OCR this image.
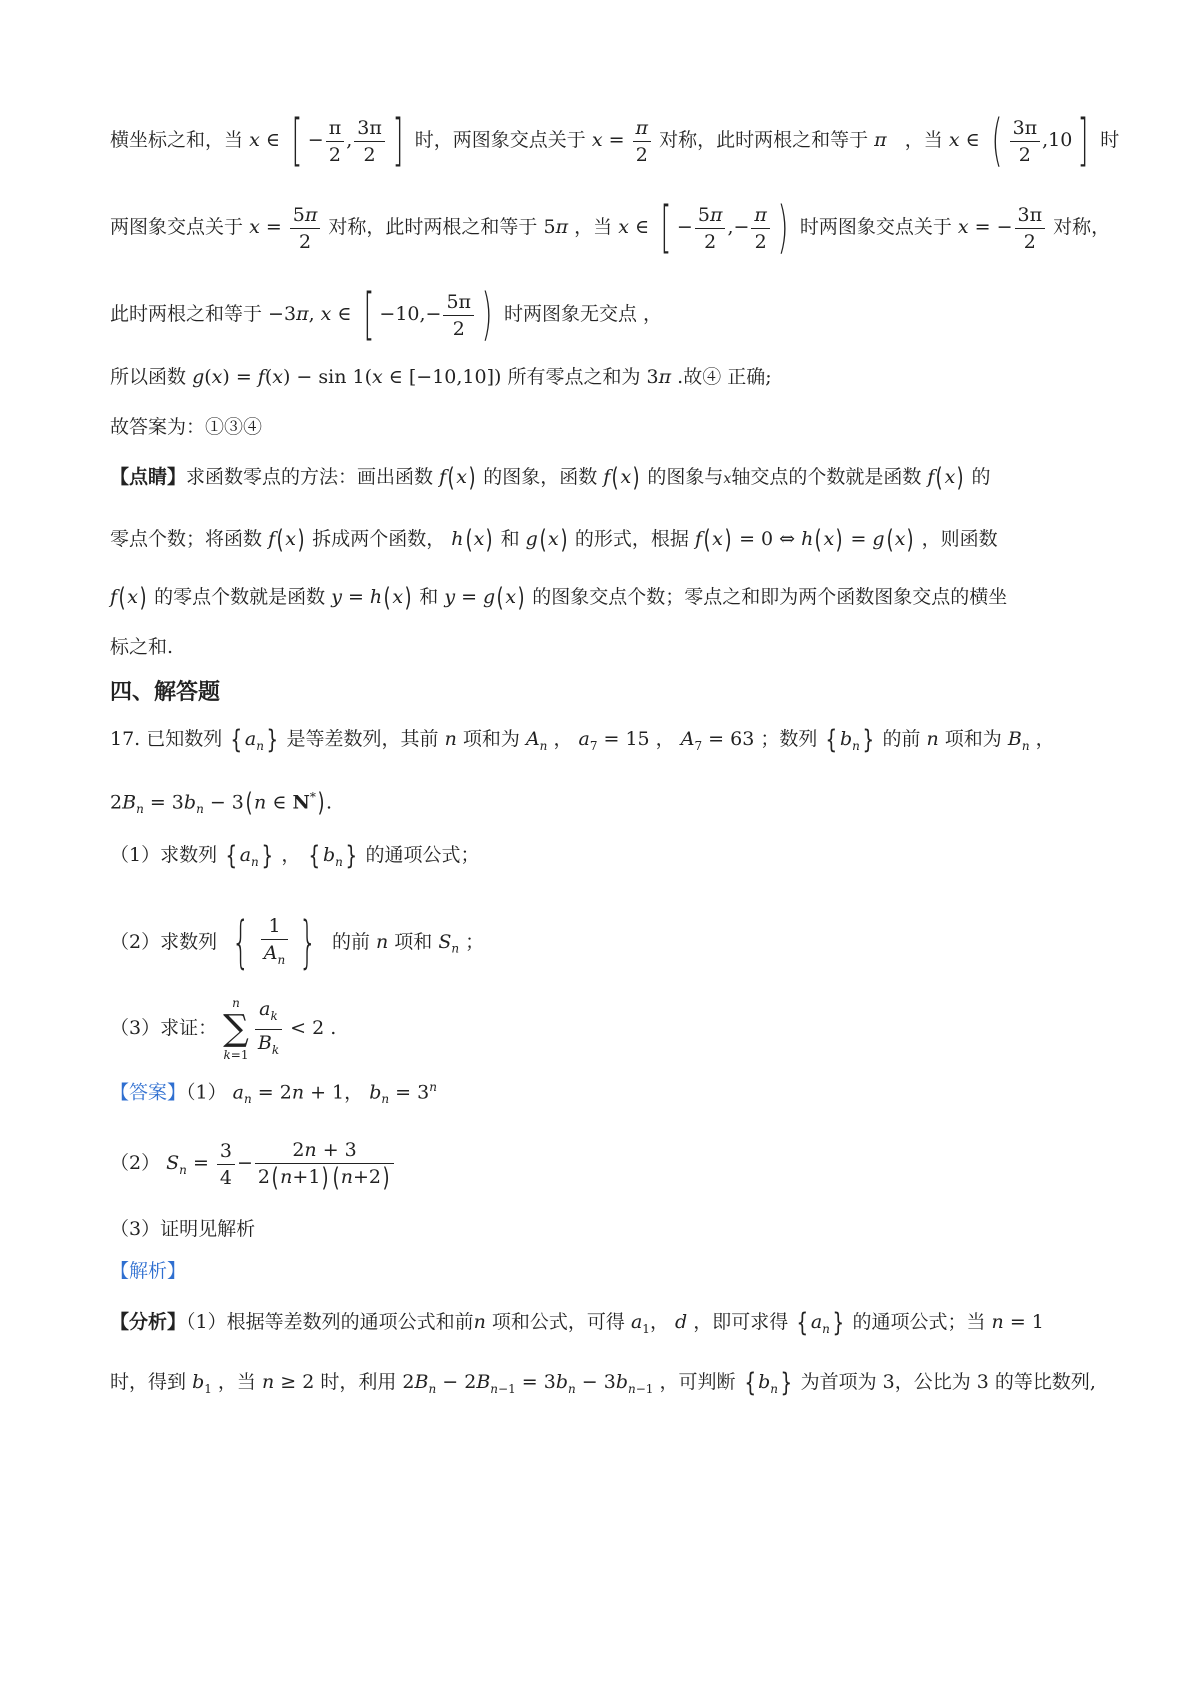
横坐标之和，当 x ∈ [ − $\frac{\pi}{2}$ , $\frac{3\pi}{2}$ ] 时，两图象交点关于 $x = \frac{\pi}{2}$ 对称，此时两根之和等于 π ，当 x ∈ ( $\frac{3\pi}{2} ,10$] 时
两图象交点关于 $x = \frac{5\pi}{2}$ 对称，此时两根之和等于 5π ，当 x ∈ [ − $\frac{5\pi}{2}$ ,− $\frac{\pi}{2}$ ) 时两图象交点关于 x = − $\frac{3\pi}{2}$ 对称，
此时两根之和等于 −3π, x ∈ [ $-10,- \frac{5\pi}{2}$ ) 时两图象无交点 ，
所以函数 g(x) = f(x) − sin 1(x ∈ [−10,10]) 所有零点之和为 3π .故④ 正确;
故答案为：①③④
【点睛】求函数零点的方法：画出函数 f(x) 的图象，函数 f(x) 的图象与x轴交点的个数就是函数 f(x) 的
零点个数；将函数 f(x) 拆成两个函数， h(x) 和 g(x) 的形式，根据 f(x) = 0 ⇔ h(x) = g(x) ，则函数
f(x) 的零点个数就是函数 y = h(x) 和 y = g(x) 的图象交点个数；零点之和即为两个函数图象交点的横坐
标之和.
四、解答题
17. 已知数列 { $a_n$} 是等差数列，其前 n 项和为 $A_n$ ， $a_7 = 15$ ， $A_7 = 63$ ；数列 { $b_n$} 的前 n 项和为 $B_n$ ，
$2B_n = 3b_n - 3(n$ ∈ N*).
（1）求数列 { $a_n$} ， { $b_n$} 的通项公式；
（2）求数列 { $\frac{1}{A_n}$ } 的前 n 项和 $S_n$ ；
（3）求证：
n
∑
$k=1 \frac{a_k}{B_k} < 2$ .
【答案】（1） $a_n = 2n + 1$， $b_n = 3^n$
（2） $S_n = \frac{3}{4} - \frac{2n + 3}{2(n+1) (n+2)}$
（3）证明见解析
【解析】
【分析】（1）根据等差数列的通项公式和前n 项和公式，可得 $a_1$， d ，即可求得 { $a_n$} 的通项公式；当 n = 1
时，得到 $b_1$ ，当 n ≥ 2 时，利用 $2B_n - 2B_{n-1} = 3b_n - 3b_{n-1}$ ，可判断 { $b_n$} 为首项为 3，公比为 3 的等比数列,
